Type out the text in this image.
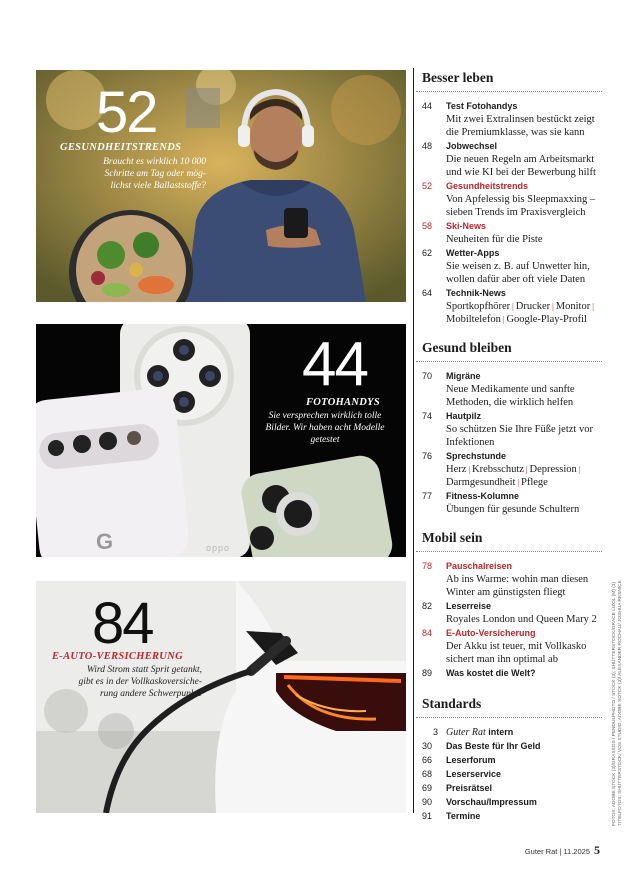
52
GESUNDHEITSTRENDS
Braucht es wirklich 10 000
Schritte am Tag oder mög-
lichst viele Ballaststoffe?
G	oppo
44
FOTOHANDYS
Sie versprechen wirklich tolle
Bilder. Wir haben acht Modelle
getestet
84
E-AUTO-VERSICHERUNG
Wird Strom statt Sprit getankt,
gibt es in der Vollkaskoversiche-
rung andere Schwerpunkte
Besser leben
44	Test Fotohandys
Mit zwei Extralinsen bestückt zeigt die Premiumklasse, was sie kann
48	Jobwechsel
Die neuen Regeln am Arbeitsmarkt und wie KI bei der Bewerbung hilft
52	Gesundheitstrends
Von Apfelessig bis Sleepmaxxing – sieben Trends im Praxisvergleich
58	Ski-News
Neuheiten für die Piste
62	Wetter-Apps
Sie weisen z. B. auf Unwetter hin, wollen dafür aber oft viele Daten
64	Technik-News
Sportkopfhörer | Drucker | Monitor |
Mobiltelefon | Google-Play-Profil
Gesund bleiben
70	Migräne
Neue Medikamente und sanfte Methoden, die wirklich helfen
74	Hautpilz
So schützen Sie Ihre Füße jetzt vor Infektionen
76	Sprechstunde
Herz | Krebsschutz | Depression |
Darmgesundheit | Pflege
77	Fitness-Kolumne
Übungen für gesunde Schultern
Mobil sein
78	Pauschalreisen
Ab ins Warme: wohin man diesen Winter am günstigsten fliegt
82	Leserreise
Royales London und Queen Mary 2
84	E-Auto-Versicherung
Der Akku ist teuer, mit Vollkasko sichert man ihn optimal ab
89	Was kostet die Welt?
Standards
3 Guter Rat intern
30	Das Beste für Ihr Geld
66	Leserforum
68	Leserservice
69	Preisrätsel
90	Vorschau/Impressum
91	Termine	FOTOS: ADOBE STOCK (3)/GRASSOS / PENDULPHOTO / STOCK (3); SHUTTERSTOCK/GRACE LIZOL (M) (3) TITELFOTOS: SHUTTERSTOCK/ VOS STUDIO, ADOBE SOTCK (3)/ ALEXANDER ROCHAU/ JOSHUA RESNICK
Guter Rat | 11.2025 5
